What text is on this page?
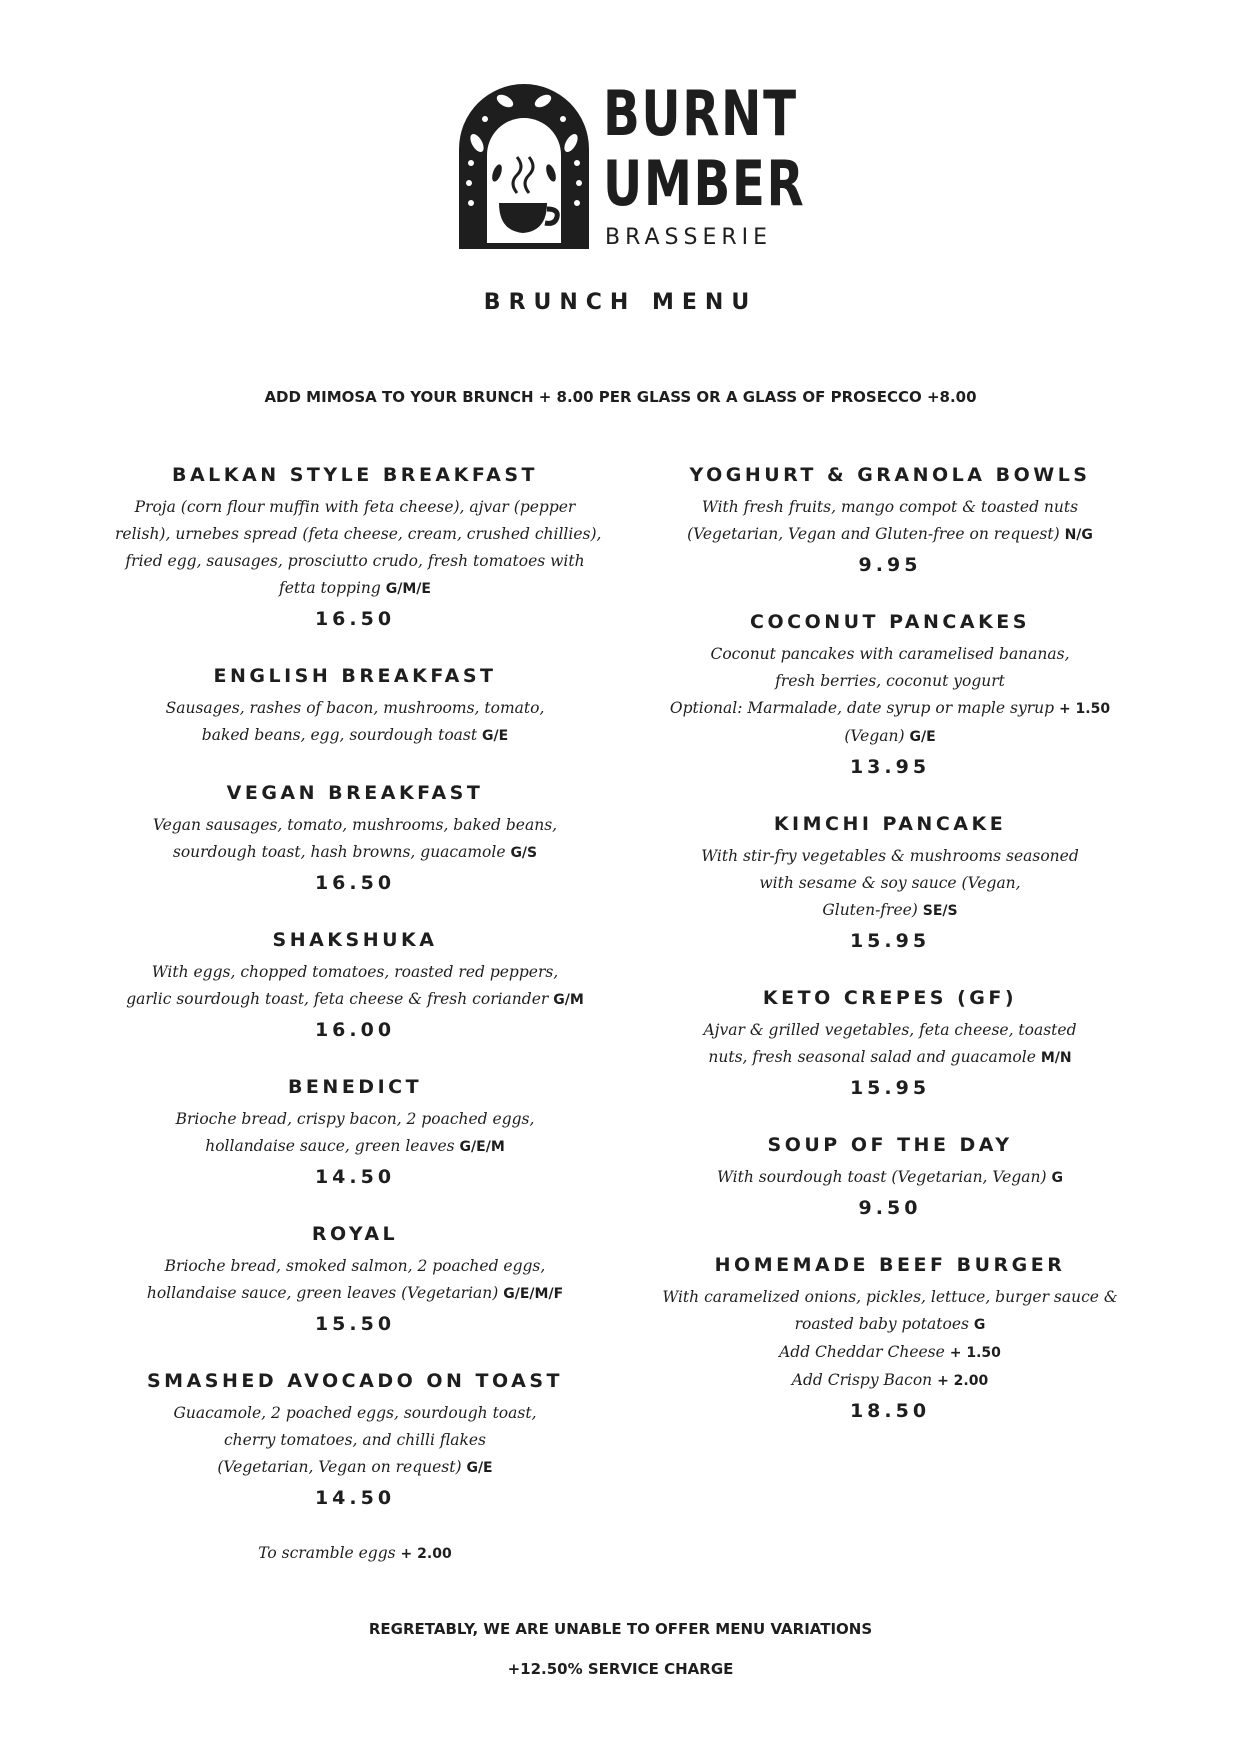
BURNT
UMBER
BRASSERIE
BRUNCH MENU
ADD MIMOSA TO YOUR BRUNCH + 8.00 PER GLASS OR A GLASS OF PROSECCO +8.00
BALKAN STYLE BREAKFAST

Proja (corn flour muffin with feta cheese), ajvar (pepper

relish), urnebes spread (feta cheese, cream, crushed chillies),

fried egg, sausages, prosciutto crudo, fresh tomatoes with

fetta topping G/M/E

16.50
ENGLISH BREAKFAST

Sausages, rashes of bacon, mushrooms, tomato,

baked beans, egg, sourdough toast G/E

VEGAN BREAKFAST

Vegan sausages, tomato, mushrooms, baked beans,

sourdough toast, hash browns, guacamole G/S

16.50
SHAKSHUKA

With eggs, chopped tomatoes, roasted red peppers,

garlic sourdough toast, feta cheese & fresh coriander G/M

16.00
BENEDICT

Brioche bread, crispy bacon, 2 poached eggs,

hollandaise sauce, green leaves G/E/M

14.50
ROYAL

Brioche bread, smoked salmon, 2 poached eggs,

hollandaise sauce, green leaves (Vegetarian) G/E/M/F

15.50
SMASHED AVOCADO ON TOAST

Guacamole, 2 poached eggs, sourdough toast,

cherry tomatoes, and chilli flakes

(Vegetarian, Vegan on request) G/E

14.50

To scramble eggs + 2.00

YOGHURT & GRANOLA BOWLS

With fresh fruits, mango compot & toasted nuts

(Vegetarian, Vegan and Gluten-free on request) N/G

9.95
COCONUT PANCAKES

Coconut pancakes with caramelised bananas,

fresh berries, coconut yogurt

Optional: Marmalade, date syrup or maple syrup + 1.50

(Vegan) G/E

13.95
KIMCHI PANCAKE

With stir-fry vegetables & mushrooms seasoned

with sesame & soy sauce (Vegan,

Gluten-free) SE/S

15.95
KETO CREPES (GF)

Ajvar & grilled vegetables, feta cheese, toasted

nuts, fresh seasonal salad and guacamole M/N

15.95
SOUP OF THE DAY

With sourdough toast (Vegetarian, Vegan) G

9.50
HOMEMADE BEEF BURGER

With caramelized onions, pickles, lettuce, burger sauce &

roasted baby potatoes G

Add Cheddar Cheese + 1.50

Add Crispy Bacon + 2.00

18.50
REGRETABLY, WE ARE UNABLE TO OFFER MENU VARIATIONS
+12.50% SERVICE CHARGE
